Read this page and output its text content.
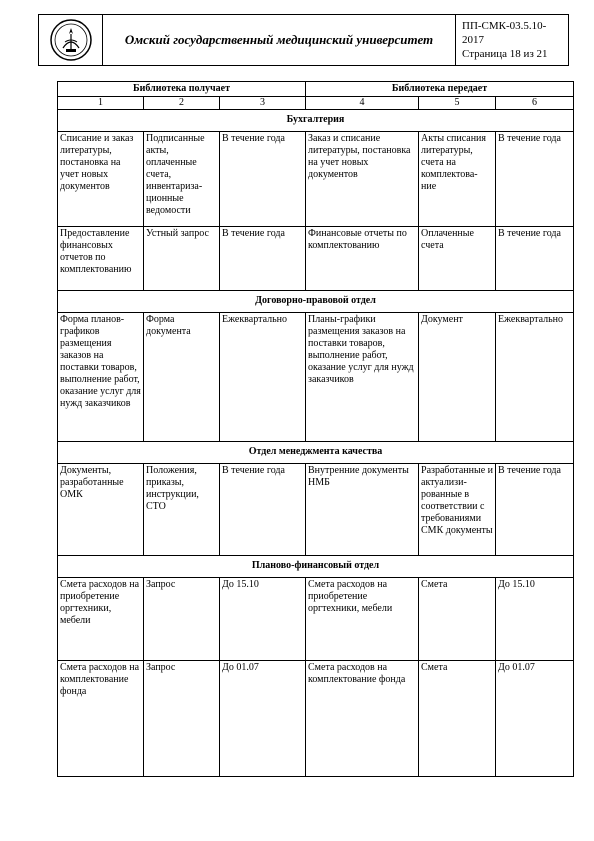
Омский государственный медицинский университет
ПП-СМК-03.5.10-2017
Страница 18 из 21
Библиотека получает			Библиотека передает		
1	2	3	4	5	6
Бухгалтерия					
Списание и заказ литературы, постановка на учет новых документов	Подписанные акты, оплаченные счета, инвентариза- ционные ведомости	В течение года	Заказ и списание литературы, постановка на учет новых документов	Акты списания литературы, счета на комплектова- ние	В течение года
Предоставление финансовых отчетов по комплектованию	Устный запрос	В течение года	Финансовые отчеты по комплектованию	Оплаченные счета	В течение года
Договорно-правовой отдел					
Форма планов-графиков размещения заказов на поставки товаров, выполнение работ, оказание услуг для нужд заказчиков	Форма документа	Ежеквартально	Планы-графики размещения заказов на поставки товаров, выполнение работ, оказание услуг для нужд заказчиков	Документ	Ежеквартально
Отдел менеджмента качества					
Документы, разработанные ОМК	Положения, приказы, инструкции, СТО	В течение года	Внутренние документы НМБ	Разработанные и актуализи- рованные в соответствии с требованиями СМК документы	В течение года
Планово-финансовый отдел					
Смета расходов на приобретение оргтехники, мебели	Запрос	До 15.10	Смета расходов на приобретение оргтехники, мебели	Смета	До 15.10
Смета расходов на комплектование фонда	Запрос	До 01.07	Смета расходов на комплектование фонда	Смета	До 01.07
